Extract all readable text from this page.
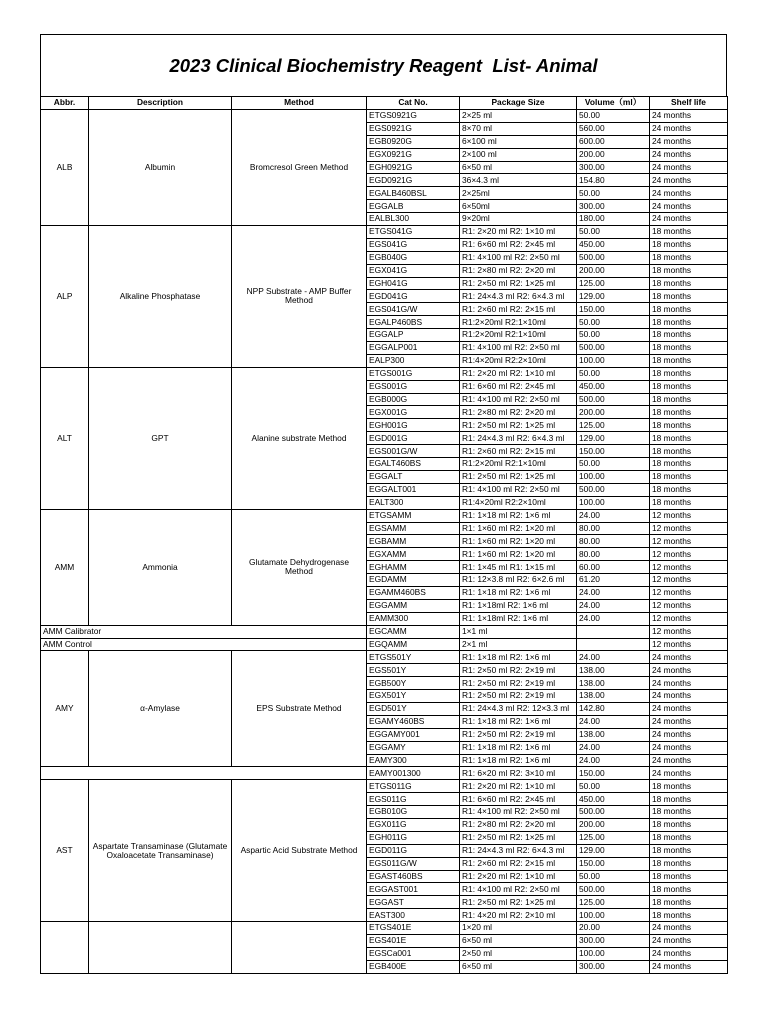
2023 Clinical Biochemistry Reagent  List- Animal
Abbr.	Description	Method	Cat No.	Package Size	Volume（ml）	Shelf life
ALB	Albumin	Bromcresol Green Method	ETGS0921G	2×25 ml	50.00	24 months
			EGS0921G	8×70 ml	560.00	24 months
			EGB0920G	6×100 ml	600.00	24 months
			EGX0921G	2×100 ml	200.00	24 months
			EGH0921G	6×50 ml	300.00	24 months
			EGD0921G	36×4.3 ml	154.80	24 months
			EGALB460BSL	2×25ml	50.00	24 months
			EGGALB	6×50ml	300.00	24 months
			EALBL300	9×20ml	180.00	24 months
ALP	Alkaline Phosphatase	NPP Substrate - AMP Buffer Method	ETGS041G	R1: 2×20 ml R2: 1×10 ml	50.00	18 months
			EGS041G	R1: 6×60 ml R2: 2×45 ml	450.00	18 months
			EGB040G	R1: 4×100 ml R2: 2×50 ml	500.00	18 months
			EGX041G	R1: 2×80 ml R2: 2×20 ml	200.00	18 months
			EGH041G	R1: 2×50 ml R2: 1×25 ml	125.00	18 months
			EGD041G	R1: 24×4.3 ml R2: 6×4.3 ml	129.00	18 months
			EGS041G/W	R1: 2×60 ml R2: 2×15 ml	150.00	18 months
			EGALP460BS	R1:2×20ml R2:1×10ml	50.00	18 months
			EGGALP	R1:2×20ml R2:1×10ml	50.00	18 months
			EGGALP001	R1: 4×100 ml R2: 2×50 ml	500.00	18 months
			EALP300	R1:4×20ml R2:2×10ml	100.00	18 months
ALT	GPT	Alanine substrate Method	ETGS001G	R1: 2×20 ml R2: 1×10 ml	50.00	18 months
			EGS001G	R1: 6×60 ml R2: 2×45 ml	450.00	18 months
			EGB000G	R1: 4×100 ml R2: 2×50 ml	500.00	18 months
			EGX001G	R1: 2×80 ml R2: 2×20 ml	200.00	18 months
			EGH001G	R1: 2×50 ml R2: 1×25 ml	125.00	18 months
			EGD001G	R1: 24×4.3 ml R2: 6×4.3 ml	129.00	18 months
			EGS001G/W	R1: 2×60 ml R2: 2×15 ml	150.00	18 months
			EGALT460BS	R1:2×20ml R2:1×10ml	50.00	18 months
			EGGALT	R1: 2×50 ml R2: 1×25 ml	100.00	18 months
			EGGALT001	R1: 4×100 ml R2: 2×50 ml	500.00	18 months
			EALT300	R1:4×20ml R2:2×10ml	100.00	18 months
AMM	Ammonia	Glutamate Dehydrogenase Method	ETGSAMM	R1: 1×18 ml R2: 1×6 ml	24.00	12 months
			EGSAMM	R1: 1×60 ml R2: 1×20 ml	80.00	12 months
			EGBAMM	R1: 1×60 ml R2: 1×20 ml	80.00	12 months
			EGXAMM	R1: 1×60 ml R2: 1×20 ml	80.00	12 months
			EGHAMM	R1: 1×45 ml R1: 1×15 ml	60.00	12 months
			EGDAMM	R1: 12×3.8 ml R2: 6×2.6 ml	61.20	12 months
			EGAMM460BS	R1: 1×18 ml R2: 1×6 ml	24.00	12 months
			EGGAMM	R1: 1×18ml R2: 1×6 ml	24.00	12 months
			EAMM300	R1: 1×18ml R2: 1×6 ml	24.00	12 months
AMM Calibrator			EGCAMM	1×1 ml		12 months
AMM Control			EGQAMM	2×1 ml		12 months
AMY	α-Amylase	EPS Substrate Method	ETGS501Y	R1: 1×18 ml R2: 1×6 ml	24.00	24 months
			EGS501Y	R1: 2×50 ml R2: 2×19 ml	138.00	24 months
			EGB500Y	R1: 2×50 ml R2: 2×19 ml	138.00	24 months
			EGX501Y	R1: 2×50 ml R2: 2×19 ml	138.00	24 months
			EGD501Y	R1: 24×4.3 ml R2: 12×3.3 ml	142.80	24 months
			EGAMY460BS	R1: 1×18 ml R2: 1×6 ml	24.00	24 months
			EGGAMY001	R1: 2×50 ml R2: 2×19 ml	138.00	24 months
			EGGAMY	R1: 1×18 ml R2: 1×6 ml	24.00	24 months
			EAMY300	R1: 1×18 ml R2: 1×6 ml	24.00	24 months
			EAMY001300	R1: 6×20 ml R2: 3×10 ml	150.00	24 months
AST	Aspartate Transaminase (Glutamate Oxaloacetate Transaminase)	Aspartic Acid Substrate Method	ETGS011G	R1: 2×20 ml R2: 1×10 ml	50.00	18 months
			EGS011G	R1: 6×60 ml R2: 2×45 ml	450.00	18 months
			EGB010G	R1: 4×100 ml R2: 2×50 ml	500.00	18 months
			EGX011G	R1: 2×80 ml R2: 2×20 ml	200.00	18 months
			EGH011G	R1: 2×50 ml R2: 1×25 ml	125.00	18 months
			EGD011G	R1: 24×4.3 ml R2: 6×4.3 ml	129.00	18 months
			EGS011G/W	R1: 2×60 ml R2: 2×15 ml	150.00	18 months
			EGAST460BS	R1: 2×20 ml R2: 1×10 ml	50.00	18 months
			EGGAST001	R1: 4×100 ml R2: 2×50 ml	500.00	18 months
			EGGAST	R1: 2×50 ml R2: 1×25 ml	125.00	18 months
			EAST300	R1: 4×20 ml R2: 2×10 ml	100.00	18 months
			ETGS401E	1×20 ml	20.00	24 months
			EGS401E	6×50 ml	300.00	24 months
			EGSCa001	2×50 ml	100.00	24 months
			EGB400E	6×50 ml	300.00	24 months
